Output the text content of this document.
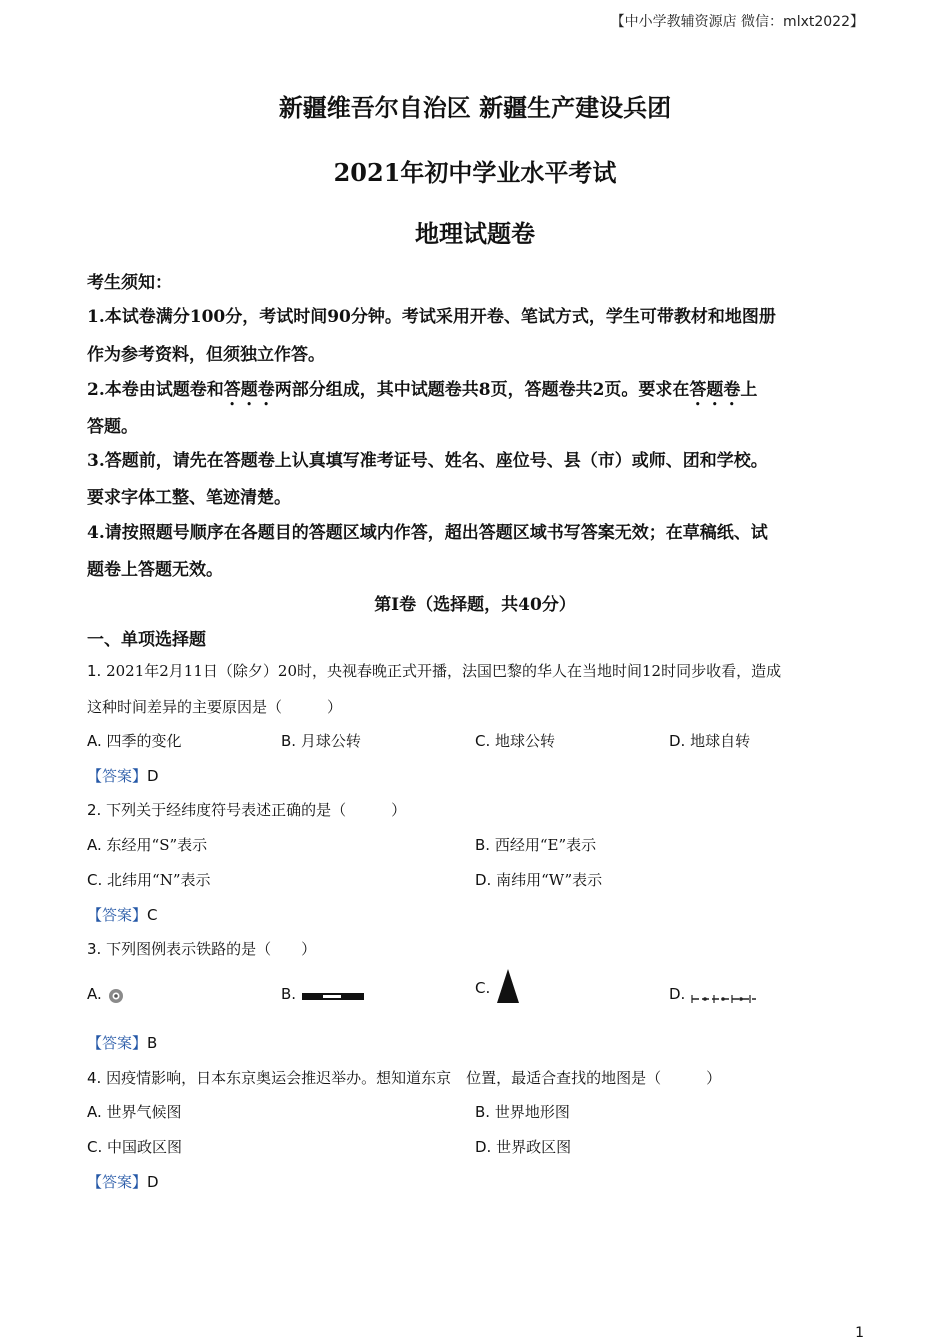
【中小学教辅资源店 微信：mlxt2022】
新疆维吾尔自治区 新疆生产建设兵团
2021年初中学业水平考试
地理试题卷
考生须知：
1.本试卷满分100分，考试时间90分钟。考试采用开卷、笔试方式，学生可带教材和地图册
作为参考资料，但须独立作答。
2.本卷由试题卷和答题卷两部分组成，其中试题卷共8页，答题卷共2页。要求在答题卷上
答题。
3.答题前，请先在答题卷上认真填写准考证号、姓名、座位号、县（市）或师、团和学校。
要求字体工整、笔迹清楚。
4.请按照题号顺序在各题目的答题区域内作答，超出答题区域书写答案无效；在草稿纸、试
题卷上答题无效。
第Ⅰ卷（选择题，共40分）
一、单项选择题
1. 2021年2月11日（除夕）20时，央视春晚正式开播，法国巴黎的华人在当地时间12时同步收看，造成
这种时间差异的主要原因是（　　　）
A. 四季的变化	B. 月球公转	C. 地球公转	D. 地球自转
【答案】D
2. 下列关于经纬度符号表述正确的是（　　　）
A. 东经用“S”表示	B. 西经用“E”表示
C. 北纬用“N”表示	D. 南纬用“W”表示
【答案】C
3. 下列图例表示铁路的是（　　）
A.	B.	C.	D.
【答案】B
4. 因疫情影响，日本东京奥运会推迟举办。想知道东京　位置，最适合查找的地图是（　　　）
A. 世界气候图	B. 世界地形图
C. 中国政区图	D. 世界政区图
【答案】D
1
